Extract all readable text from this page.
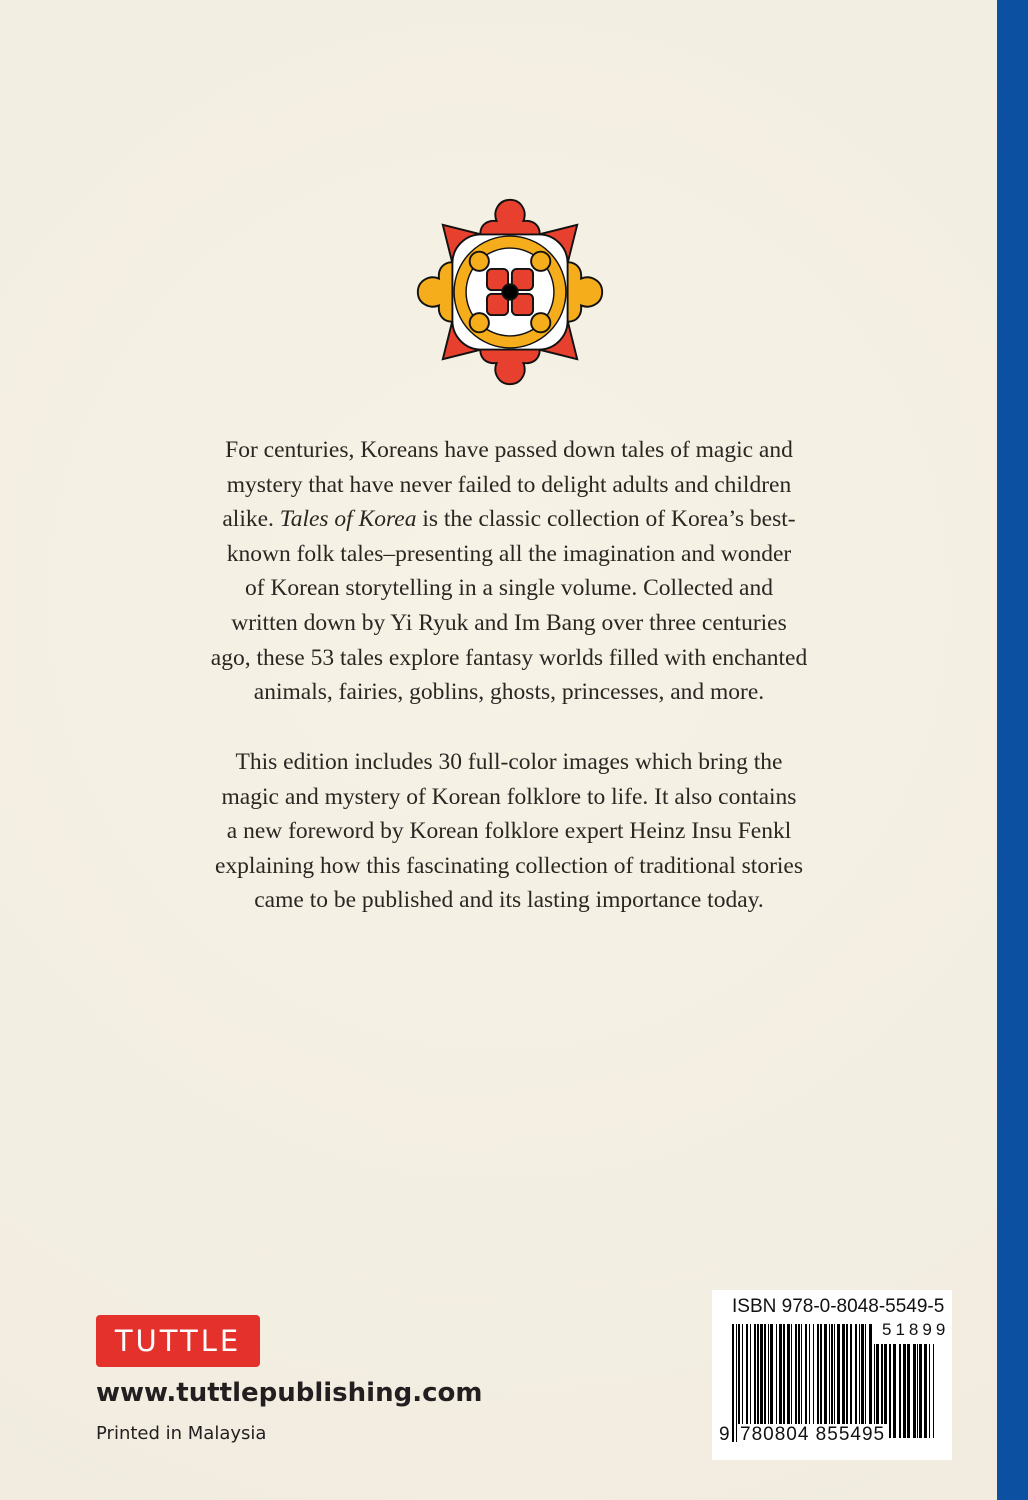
For centuries, Koreans have passed down tales of magic and
mystery that have never failed to delight adults and children
alike. Tales of Korea is the classic collection of Korea’s best-
known folk tales–presenting all the imagination and wonder
of Korean storytelling in a single volume. Collected and
written down by Yi Ryuk and Im Bang over three centuries
ago, these 53 tales explore fantasy worlds filled with enchanted
animals, fairies, goblins, ghosts, princesses, and more.
This edition includes 30 full-color images which bring the
magic and mystery of Korean folklore to life. It also contains
a new foreword by Korean folklore expert Heinz Insu Fenkl
explaining how this fascinating collection of traditional stories
came to be published and its lasting importance today.
TUTTLE
www.tuttlepublishing.com
Printed in Malaysia
ISBN 978-0-8048-5549-5
51899
9 780804 855495
